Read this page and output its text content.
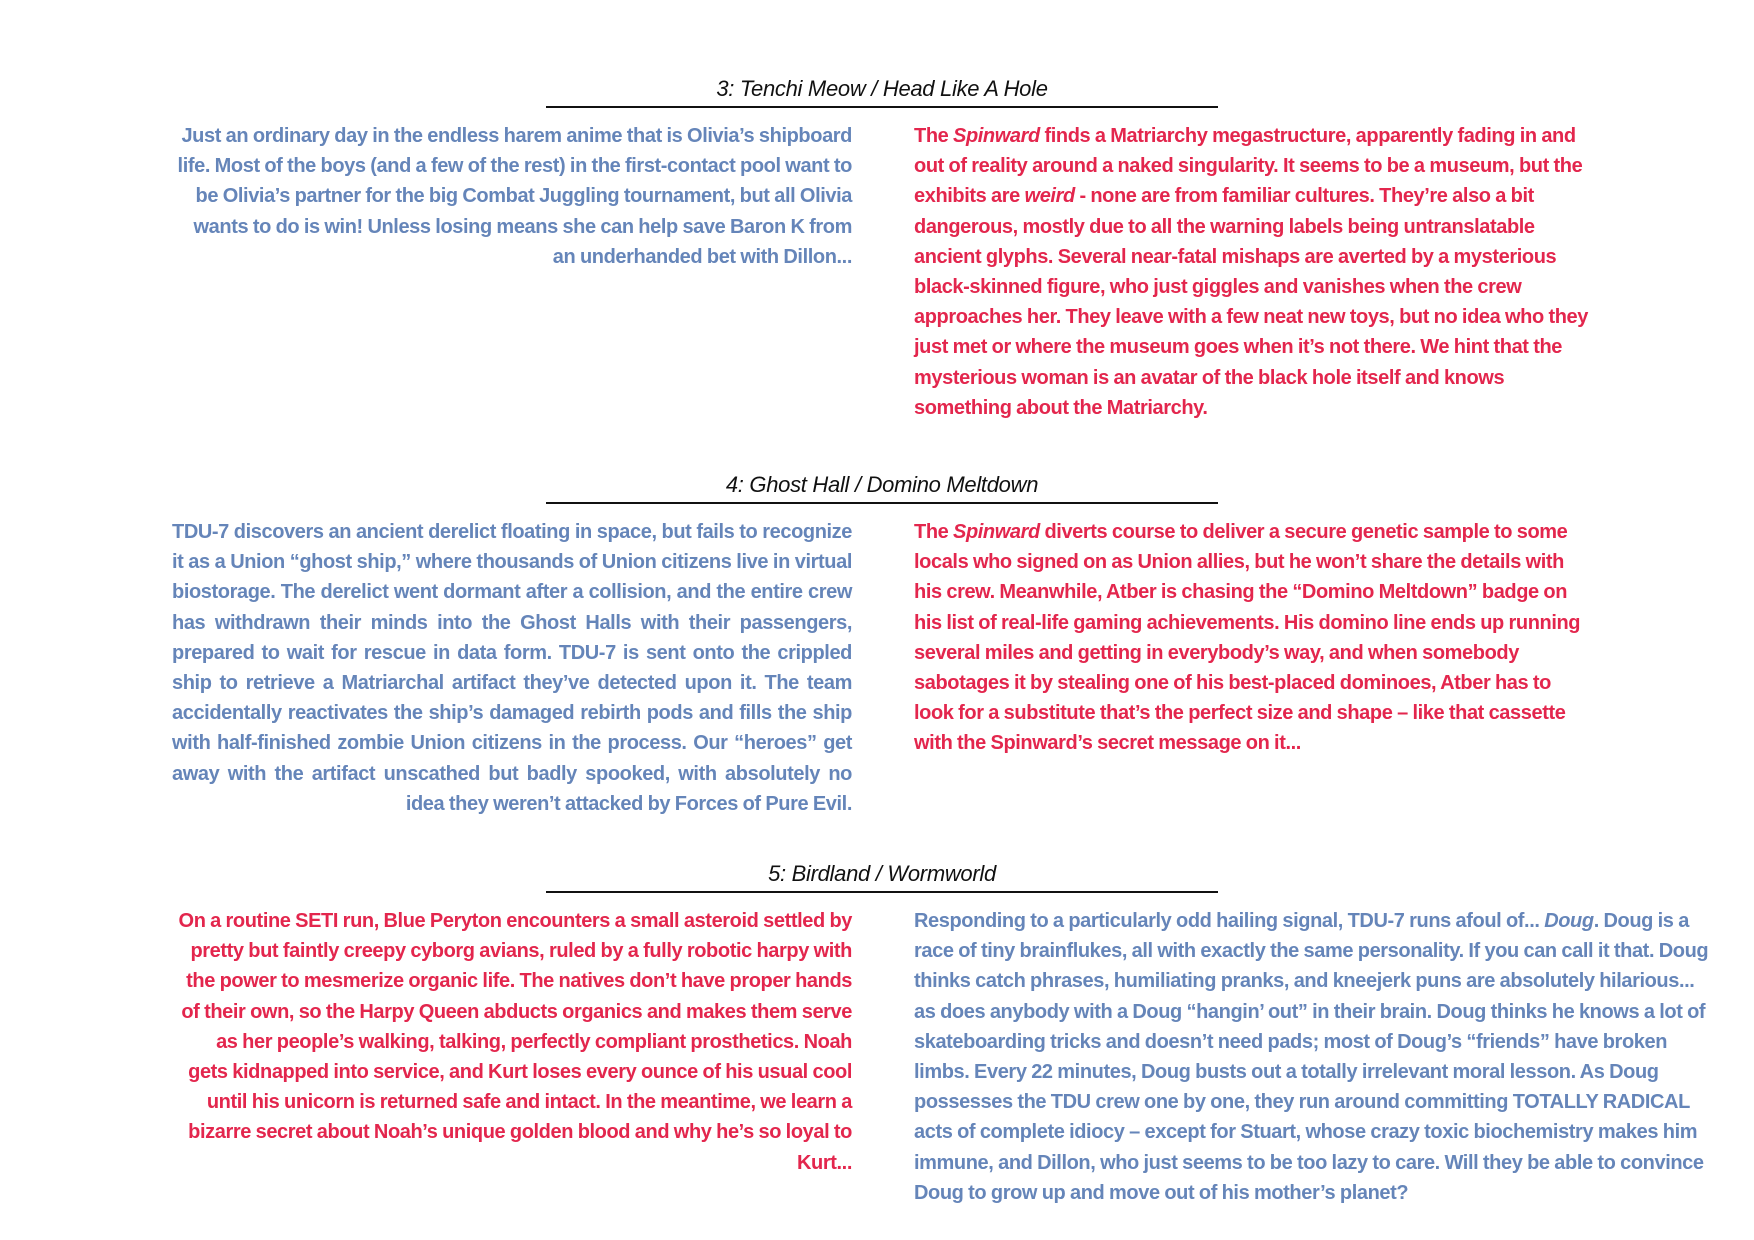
3: Tenchi Meow / Head Like A Hole
Just an ordinary day in the endless harem anime that is Olivia’s shipboard life. Most of the boys (and a few of the rest) in the first-contact pool want to be Olivia’s partner for the big Combat Juggling tournament, but all Olivia wants to do is win! Unless losing means she can help save Baron K from an underhanded bet with Dillon...
The Spinward finds a Matriarchy megastructure, apparently fading in and out of reality around a naked singularity. It seems to be a museum, but the exhibits are weird - none are from familiar cultures. They’re also a bit dangerous, mostly due to all the warning labels being untranslatable ancient glyphs. Several near-fatal mishaps are averted by a mysterious black-skinned figure, who just giggles and vanishes when the crew approaches her. They leave with a few neat new toys, but no idea who they just met or where the museum goes when it’s not there. We hint that the mysterious woman is an avatar of the black hole itself and knows something about the Matriarchy.
4: Ghost Hall / Domino Meltdown
TDU-7 discovers an ancient derelict floating in space, but fails to recognize it as a Union “ghost ship,” where thousands of Union citizens live in virtual biostorage. The derelict went dormant after a collision, and the entire crew has withdrawn their minds into the Ghost Halls with their passengers, prepared to wait for rescue in data form. TDU-7 is sent onto the crippled ship to retrieve a Matriarchal artifact they’ve detected upon it. The team accidentally reactivates the ship’s damaged rebirth pods and fills the ship with half-finished zombie Union citizens in the process. Our “heroes” get away with the artifact unscathed but badly spooked, with absolutely no idea they weren’t attacked by Forces of Pure Evil.
The Spinward diverts course to deliver a secure genetic sample to some locals who signed on as Union allies, but he won’t share the details with his crew. Meanwhile, Atber is chasing the “Domino Meltdown” badge on his list of real-life gaming achievements. His domino line ends up running several miles and getting in everybody’s way, and when somebody sabotages it by stealing one of his best-placed dominoes, Atber has to look for a substitute that’s the perfect size and shape – like that cassette with the Spinward’s secret message on it...
5: Birdland / Wormworld
On a routine SETI run, Blue Peryton encounters a small asteroid settled by pretty but faintly creepy cyborg avians, ruled by a fully robotic harpy with the power to mesmerize organic life. The natives don’t have proper hands of their own, so the Harpy Queen abducts organics and makes them serve as her people’s walking, talking, perfectly compliant prosthetics. Noah gets kidnapped into service, and Kurt loses every ounce of his usual cool until his unicorn is returned safe and intact. In the meantime, we learn a bizarre secret about Noah’s unique golden blood and why he’s so loyal to Kurt...
Responding to a particularly odd hailing signal, TDU-7 runs afoul of... Doug. Doug is a race of tiny brainflukes, all with exactly the same personality. If you can call it that. Doug thinks catch phrases, humiliating pranks, and kneejerk puns are absolutely hilarious... as does anybody with a Doug “hangin’ out” in their brain. Doug thinks he knows a lot of skateboarding tricks and doesn’t need pads; most of Doug’s “friends” have broken limbs. Every 22 minutes, Doug busts out a totally irrelevant moral lesson. As Doug possesses the TDU crew one by one, they run around committing TOTALLY RADICAL acts of complete idiocy – except for Stuart, whose crazy toxic biochemistry makes him immune, and Dillon, who just seems to be too lazy to care. Will they be able to convince Doug to grow up and move out of his mother’s planet?
